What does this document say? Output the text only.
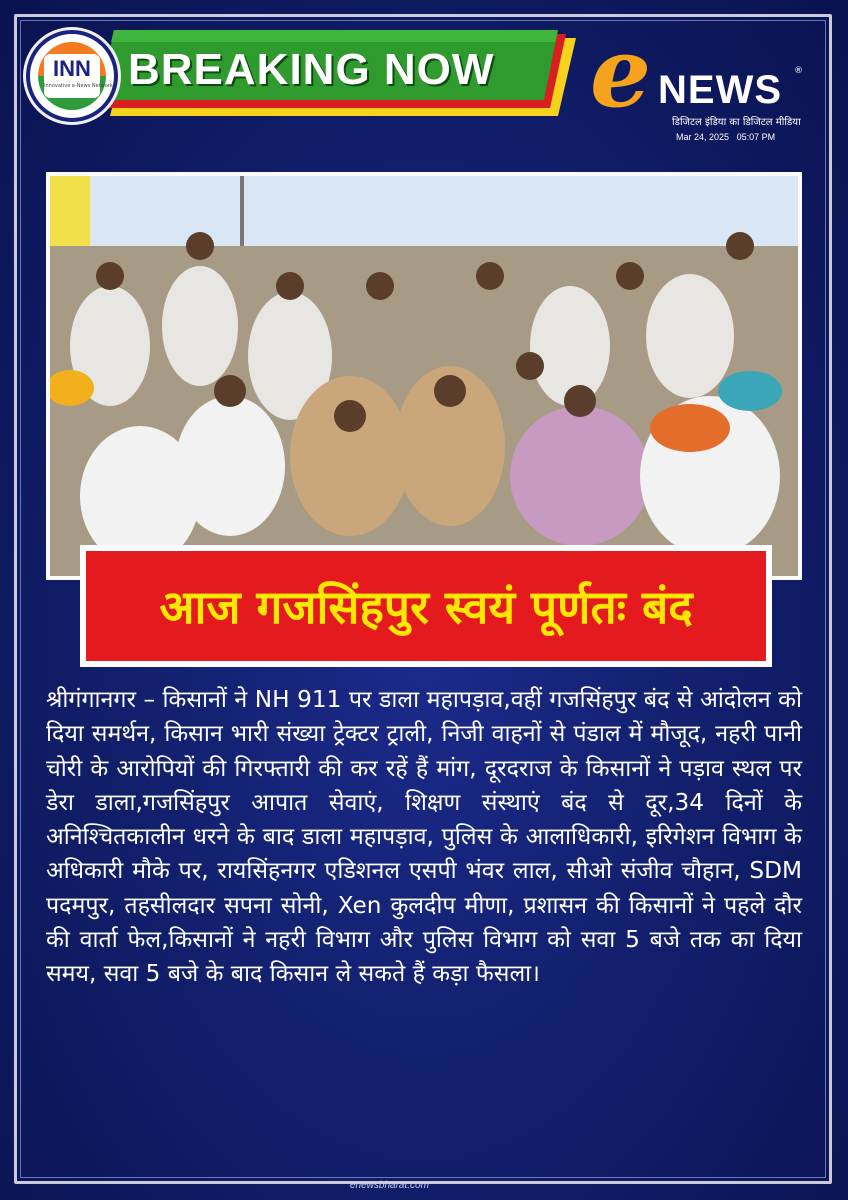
BREAKING NOW
INN
Innovative e-News Network	e NEWS ®
डिजिटल इंडिया का डिजिटल मीडिया
Mar 24, 2025 05:07 PM
आज गजसिंहपुर स्वयं पूर्णतः बंद
श्रीगंगानगर – किसानों ने NH 911 पर डाला महापड़ाव,वहीं गजसिंहपुर बंद से आंदोलन को दिया समर्थन, किसान भारी संख्या ट्रेक्टर ट्राली, निजी वाहनों से पंडाल में मौजूद, नहरी पानी चोरी के आरोपियों की गिरफ्तारी की कर रहें हैं मांग, दूरदराज के किसानों ने पड़ाव स्थल पर डेरा डाला,गजसिंहपुर आपात सेवाएं, शिक्षण संस्थाएं बंद से दूर,34 दिनों के अनिश्चितकालीन धरने के बाद डाला महापड़ाव, पुलिस के आलाधिकारी, इरिगेशन विभाग के अधिकारी मौके पर, रायसिंहनगर एडिशनल एसपी भंवर लाल, सीओ संजीव चौहान, SDM पदमपुर, तहसीलदार सपना सोनी, Xen कुलदीप मीणा, प्रशासन की किसानों ने पहले दौर की वार्ता फेल,किसानों ने नहरी विभाग और पुलिस विभाग को सवा 5 बजे तक का दिया समय, सवा 5 बजे के बाद किसान ले सकते हैं कड़ा फैसला।
enewsbharat.com
